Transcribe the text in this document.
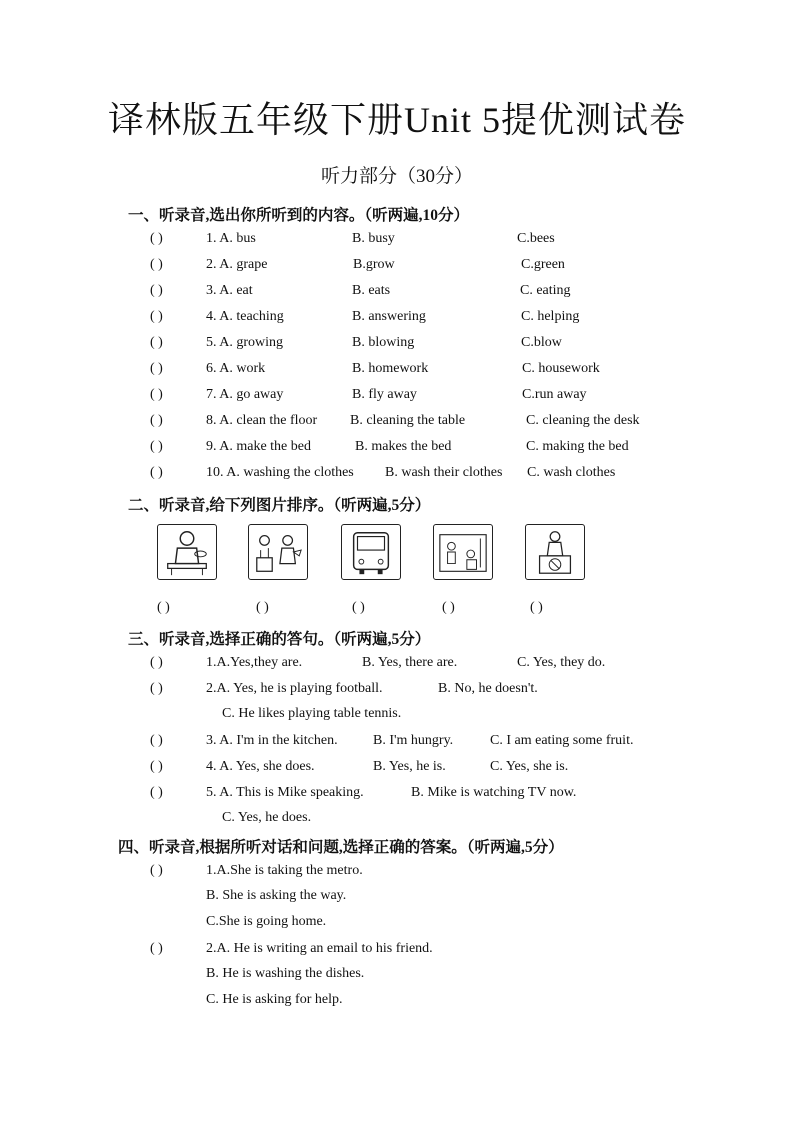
译林版五年级下册Unit 5提优测试卷
听力部分（30分）
一、听录音,选出你所听到的内容。（听两遍,10分）
( )	1. A. bus	B. busy	C.bees
( )	2. A. grape	B.grow	C.green
( )	3. A. eat	B. eats	C. eating
( )	4. A. teaching	B. answering	C. helping
( )	5. A. growing	B. blowing	C.blow
( )	6. A. work	B. homework	C. housework
( )	7. A. go away	B. fly away	C.run away
( )	8. A. clean the floor B. cleaning the table	C. cleaning the desk
( )	9. A. make the bed	B. makes the bed	C. making the bed
( )	10. A. washing the clothes B. wash their clothes C. wash clothes
二、听录音,给下列图片排序。（听两遍,5分）
( )	( )	( )	( )	( )
三、听录音,选择正确的答句。（听两遍,5分）
( )	1.A.Yes,they are.	B. Yes, there are.	C. Yes, they do.
( )	2.A. Yes, he is playing football.	B. No, he doesn't.
C. He likes playing table tennis.
( )	3. A. I'm in the kitchen.	B. I'm hungry.	C. I am eating some fruit.
( )	4. A. Yes, she does.	B. Yes, he is.	C. Yes, she is.
( )	5. A. This is Mike speaking.	B. Mike is watching TV now.
C. Yes, he does.
四、听录音,根据所听对话和问题,选择正确的答案。（听两遍,5分）
( )	1.A.She is taking the metro.
B. She is asking the way.
C.She is going home.
( )	2.A. He is writing an email to his friend.
B. He is washing the dishes.
C. He is asking for help.
